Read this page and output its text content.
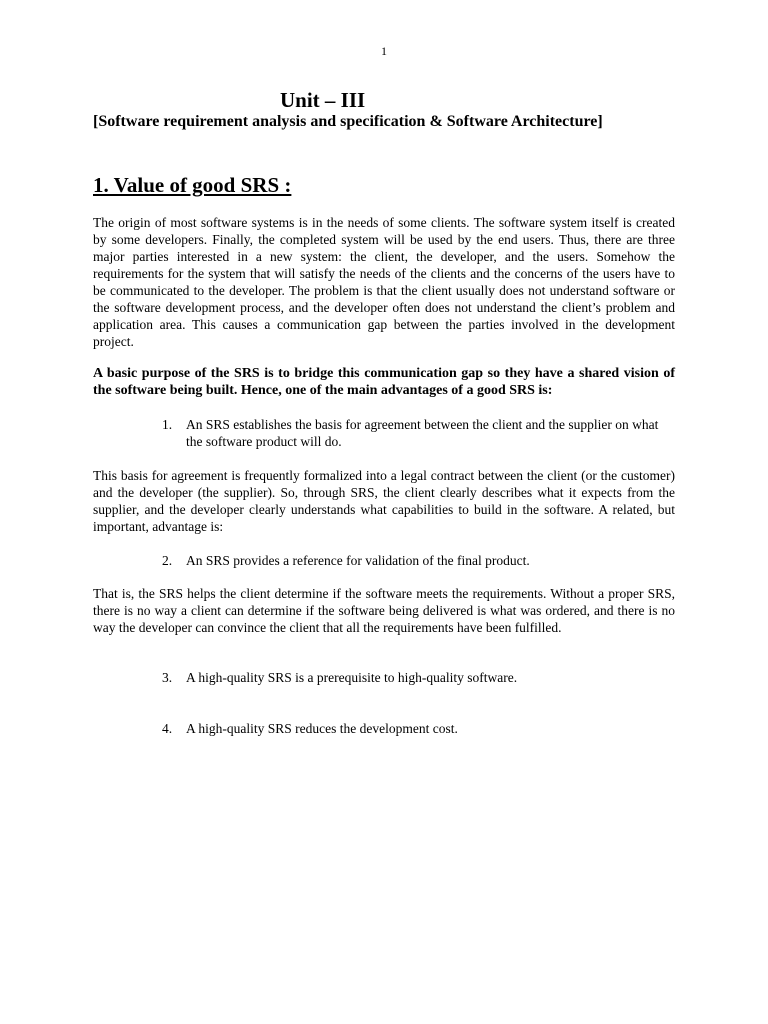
1
Unit – III
[Software requirement analysis and specification & Software Architecture]
1. Value of good SRS :

The origin of most software systems is in the needs of some clients. The software system itself is created by some developers. Finally, the completed system will be used by the end users. Thus, there are three major parties interested in a new system: the client, the developer, and the users. Somehow the requirements for the system that will satisfy the needs of the clients and the concerns of the users have to be communicated to the developer. The problem is that the client usually does not understand software or the software development process, and the developer often does not understand the client’s problem and application area. This causes a communication gap between the parties involved in the development project.

A basic purpose of the SRS is to bridge this communication gap so they have a shared vision of the software being built. Hence, one of the main advantages of a good SRS is:

1.	An SRS establishes the basis for agreement between the client and the supplier on what the software product will do.

This basis for agreement is frequently formalized into a legal contract between the client (or the customer) and the developer (the supplier). So, through SRS, the client clearly describes what it expects from the supplier, and the developer clearly understands what capabilities to build in the software. A related, but important, advantage is:

2.	An SRS provides a reference for validation of the final product.

That is, the SRS helps the client determine if the software meets the requirements. Without a proper SRS, there is no way a client can determine if the software being delivered is what was ordered, and there is no way the developer can convince the client that all the requirements have been fulfilled.

3.	A high-quality SRS is a prerequisite to high-quality software.
4.	A high-quality SRS reduces the development cost.
